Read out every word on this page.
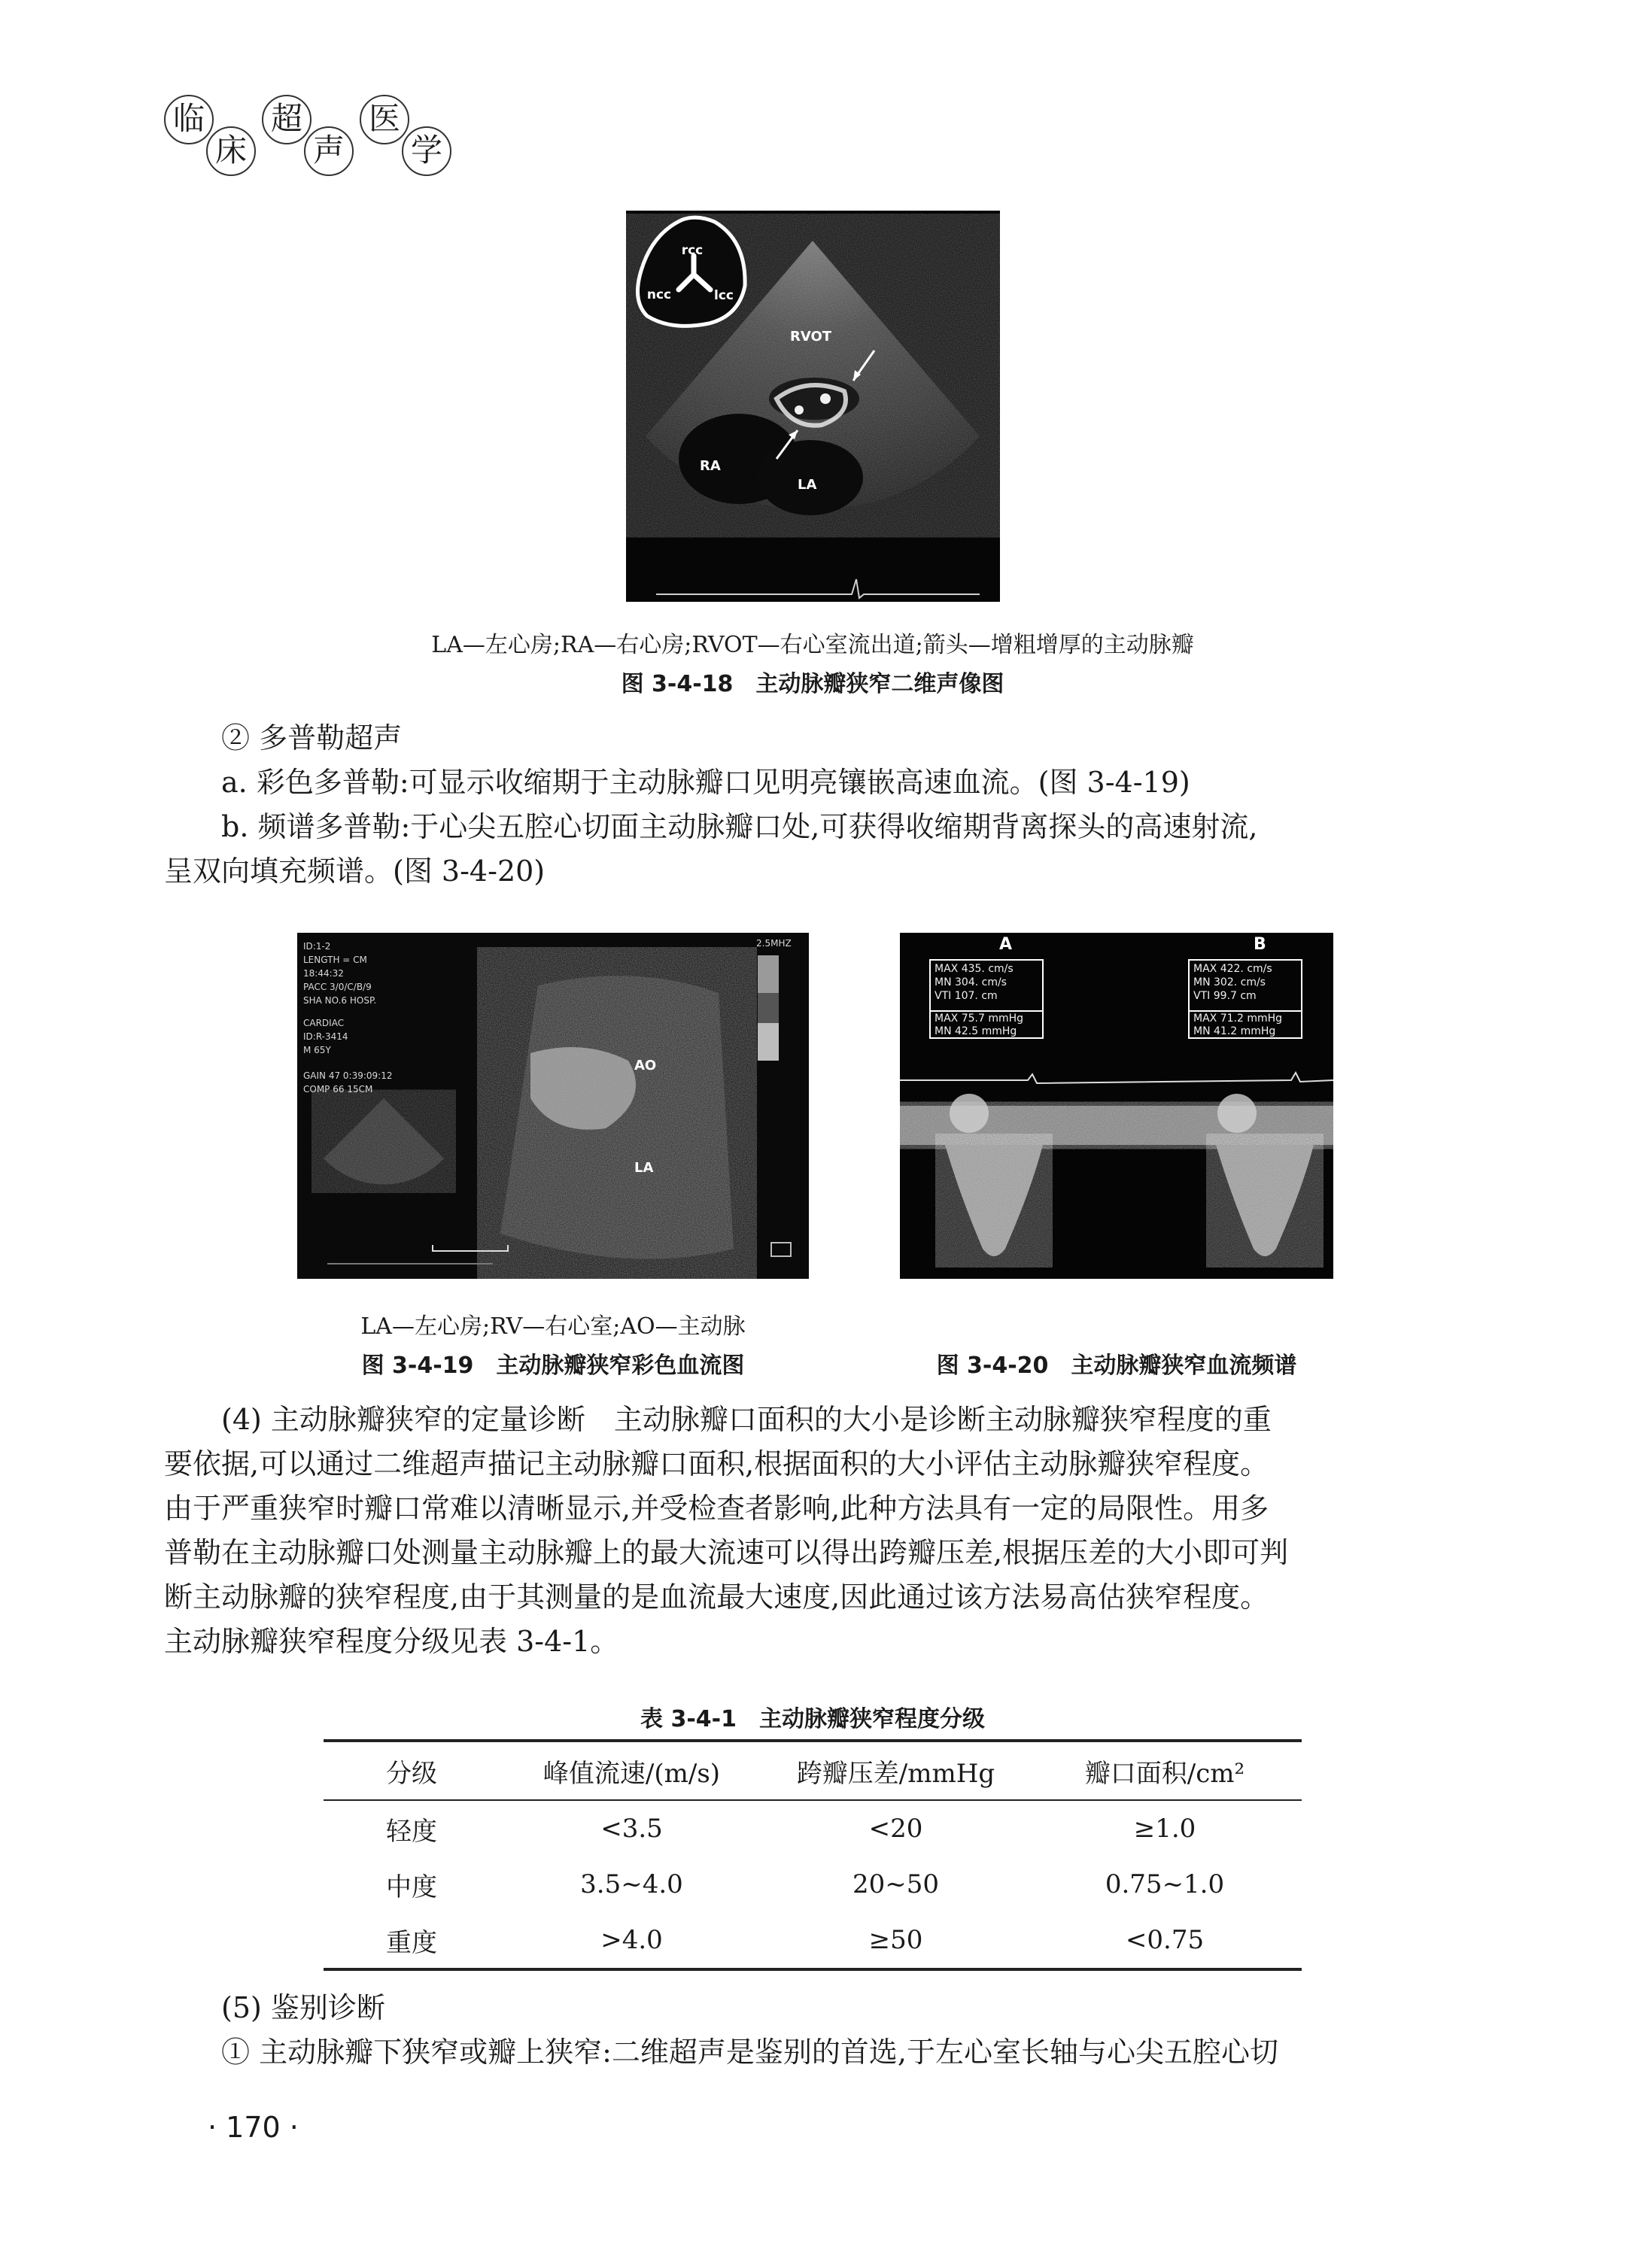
临
床
超
声
医
学
rcc
ncc	lcc
RVOT
RA
LA
LA—左心房;RA—右心房;RVOT—右心室流出道;箭头—增粗增厚的主动脉瓣
图 3-4-18　主动脉瓣狭窄二维声像图

② 多普勒超声

a. 彩色多普勒:可显示收缩期于主动脉瓣口见明亮镶嵌高速血流。(图 3-4-19)

b. 频谱多普勒:于心尖五腔心切面主动脉瓣口处,可获得收缩期背离探头的高速射流,

呈双向填充频谱。(图 3-4-20)

ID:1-2
LENGTH = CM
18:44:32
PACC 3/0/C/B/9
SHA NO.6 HOSP.
CARDIAC
ID:R-3414
M 65Y
GAIN 47 0:39:09:12
COMP 66 15CM
2.5MHZ
AO
LA
A	B
MAX 435. cm/s
MN 304. cm/s
VTI 107. cm
MAX 75.7 mmHg
MN 42.5 mmHg
MAX 422. cm/s
MN 302. cm/s
VTI 99.7 cm
MAX 71.2 mmHg
MN 41.2 mmHg
LA—左心房;RV—右心室;AO—主动脉
图 3-4-19　主动脉瓣狭窄彩色血流图	图 3-4-20　主动脉瓣狭窄血流频谱

(4) 主动脉瓣狭窄的定量诊断　主动脉瓣口面积的大小是诊断主动脉瓣狭窄程度的重

要依据,可以通过二维超声描记主动脉瓣口面积,根据面积的大小评估主动脉瓣狭窄程度。

由于严重狭窄时瓣口常难以清晰显示,并受检查者影响,此种方法具有一定的局限性。用多

普勒在主动脉瓣口处测量主动脉瓣上的最大流速可以得出跨瓣压差,根据压差的大小即可判

断主动脉瓣的狭窄程度,由于其测量的是血流最大速度,因此通过该方法易高估狭窄程度。

主动脉瓣狭窄程度分级见表 3-4-1。

表 3-4-1　主动脉瓣狭窄程度分级
分级	峰值流速/(m/s)	跨瓣压差/mmHg	瓣口面积/cm²
轻度	<3.5	<20	≥1.0
中度	3.5~4.0	20~50	0.75~1.0
重度	>4.0	≥50	<0.75

(5) 鉴别诊断

① 主动脉瓣下狭窄或瓣上狭窄:二维超声是鉴别的首选,于左心室长轴与心尖五腔心切

· 170 ·
